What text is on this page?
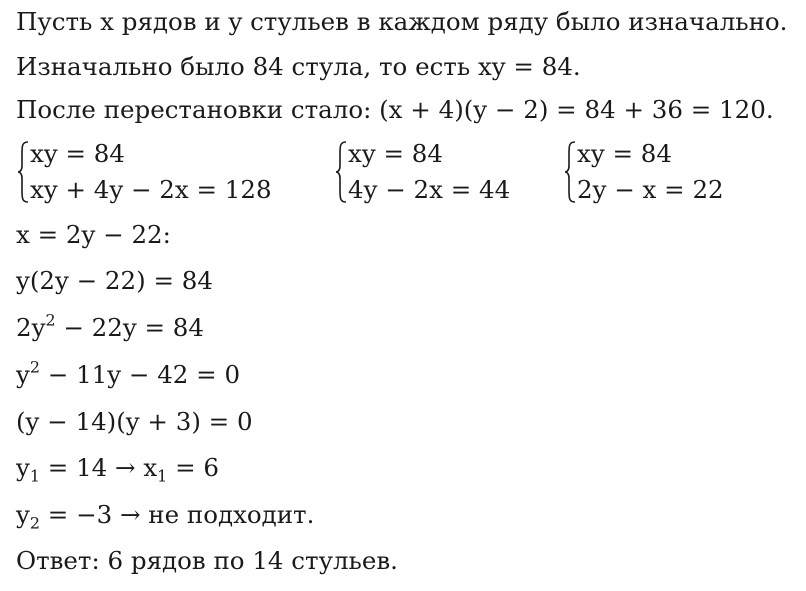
Пусть x рядов и y стульев в каждом ряду было изначально.
Изначально было 84 стула, то есть xy = 84.
После перестановки стало: (x + 4)(y − 2) = 84 + 36 = 120.
xy = 84
xy + 4y − 2x = 128
xy = 84
4y − 2x = 44
xy = 84
2y − x = 22
x = 2y − 22:
y(2y − 22) = 84
$2y^2 - 22y = 84$
$y^2 - 11y - 42 = 0$
(y − 14)(y + 3) = 0
$y_1 = 14 \to x_1 = 6$
$y_2 = -3$ → не подходит.
Ответ: 6 рядов по 14 стульев.
